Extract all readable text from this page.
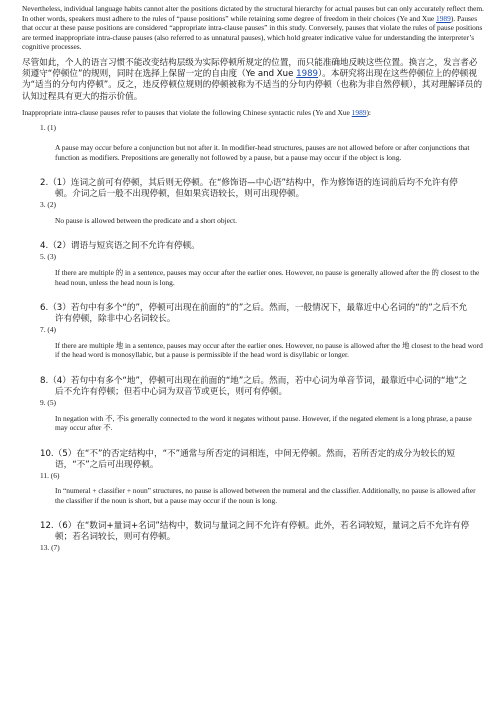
Nevertheless, individual language habits cannot alter the positions dictated by the structural hierarchy for actual pauses but can only accurately reflect them. In other words, speakers must adhere to the rules of “pause positions” while retaining some degree of freedom in their choices (Ye and Xue 1989). Pauses that occur at these pause positions are considered “appropriate intra-clause pauses” in this study. Conversely, pauses that violate the rules of pause positions are termed inappropriate intra-clause pauses (also referred to as unnatural pauses), which hold greater indicative value for understanding the interpreter’s cognitive processes.

尽管如此，个人的语言习惯不能改变结构层级为实际停顿所规定的位置，而只能准确地反映这些位置。换言之，发言者必须遵守“停顿位”的规则，同时在选择上保留一定的自由度（Ye and Xue 1989）。本研究将出现在这些停顿位上的停顿视为“适当的分句内停顿”。反之，违反停顿位规则的停顿被称为不适当的分句内停顿（也称为非自然停顿），其对理解译员的认知过程具有更大的指示价值。

Inappropriate intra-clause pauses refer to pauses that violate the following Chinese syntactic rules (Ye and Xue 1989):

1. (1)
A pause may occur before a conjunction but not after it. In modifier-head structures, pauses are not allowed before or after conjunctions that function as modifiers. Prepositions are generally not followed by a pause, but a pause may occur if the object is long.
2.（1）连词之前可有停顿，其后则无停顿。在“修饰语—中心语”结构中，作为修饰语的连词前后均不允许有停
顿。介词之后一般不出现停顿，但如果宾语较长，则可出现停顿。
3. (2)
No pause is allowed between the predicate and a short object.
4.（2）谓语与短宾语之间不允许有停顿。
5. (3)
If there are multiple 的 in a sentence, pauses may occur after the earlier ones. However, no pause is generally allowed after the 的 closest to the head noun, unless the head noun is long.
6.（3）若句中有多个“的”，停顿可出现在前面的“的”之后。然而，一般情况下，最靠近中心名词的“的”之后不允
许有停顿，除非中心名词较长。
7. (4)
If there are multiple 地 in a sentence, pauses may occur after the earlier ones. However, no pause is allowed after the 地 closest to the head word if the head word is monosyllabic, but a pause is permissible if the head word is disyllabic or longer.
8.（4）若句中有多个“地”，停顿可出现在前面的“地”之后。然而，若中心词为单音节词，最靠近中心词的“地”之
后不允许有停顿；但若中心词为双音节或更长，则可有停顿。
9. (5)
In negation with 不, 不is generally connected to the word it negates without pause. However, if the negated element is a long phrase, a pause may occur after 不.
10.（5）在“不”的否定结构中，“不”通常与所否定的词相连，中间无停顿。然而，若所否定的成分为较长的短
语，“不”之后可出现停顿。
11. (6)
In “numeral + classifier + noun” structures, no pause is allowed between the numeral and the classifier. Additionally, no pause is allowed after the classifier if the noun is short, but a pause may occur if the noun is long.
12.（6）在“数词+量词+名词”结构中，数词与量词之间不允许有停顿。此外，若名词较短，量词之后不允许有停
顿；若名词较长，则可有停顿。
13. (7)
